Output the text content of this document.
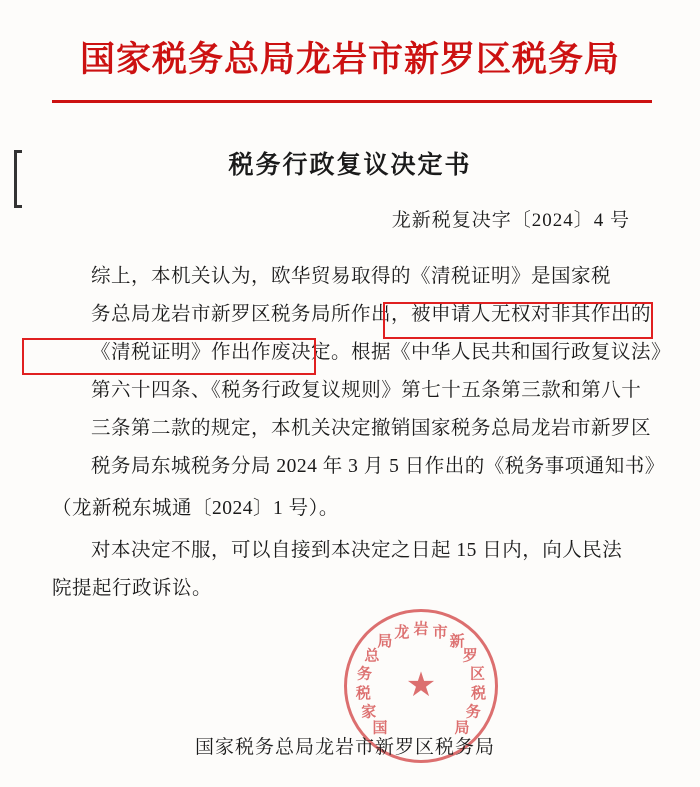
国家税务总局龙岩市新罗区税务局
税务行政复议决定书
龙新税复决字〔2024〕4 号
综上，本机关认为，欧华贸易取得的《清税证明》是国家税
务总局龙岩市新罗区税务局所作出，被申请人无权对非其作出的
《清税证明》作出作废决定。根据《中华人民共和国行政复议法》
第六十四条、《税务行政复议规则》第七十五条第三款和第八十
三条第二款的规定，本机关决定撤销国家税务总局龙岩市新罗区
税务局东城税务分局 2024 年 3 月 5 日作出的《税务事项通知书》
（龙新税东城通〔2024〕1 号）。
对本决定不服，可以自接到本决定之日起 15 日内，向人民法
院提起行政诉讼。
★
国
家
税
务
总
局
龙 岩 市
新
罗
区
税
务
局
国家税务总局龙岩市新罗区税务局
